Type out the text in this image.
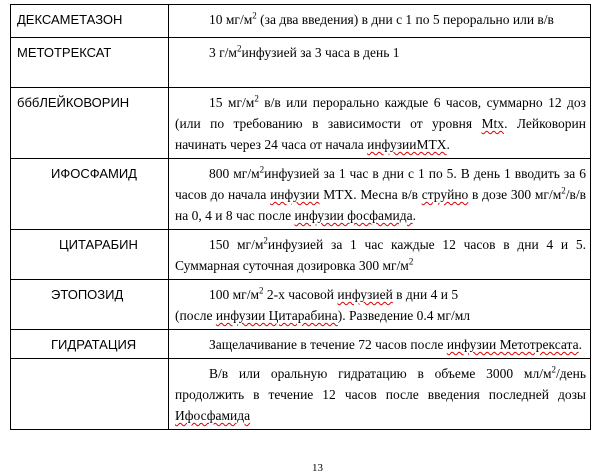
ДЕКСАМЕТАЗОН	10 $мг/м^2$ (за два введения) в дни с 1 по 5 перорально или в/в
МЕТОТРЕКСАТ	3 $г/м^2инфузией$ за 3 часа в день 1
бббЛЕЙКОВОРИН	15 $мг/м^2$ в/в или перорально каждые 6 часов, суммарно 12 доз (или по требованию в зависимости от уровня Mtx. Лейковорин начинать через 24 часа от начала инфузииМТХ.
ИФОСФАМИД	800 $мг/м^2инфузией$ за 1 час в дни с 1 по 5. В день 1 вводить за 6 часов до начала инфузии МТХ. Месна в/в струйно в дозе 300 $мг/м^2/в/в$ на 0, 4 и 8 час после инфузии фосфамида.
ЦИТАРАБИН	150 $мг/м^2инфузией$ за 1 час каждые 12 часов в дни 4 и 5. Суммарная суточная дозировка 300 $мг/м^2$
ЭТОПОЗИД	100 $мг/м^2$ 2-х часовой инфузией в дни 4 и 5
(после инфузии Цитарабина). Разведение 0.4 мг/мл

ГИДРАТАЦИЯ	Защелачивание в течение 72 часов после инфузии Метотрексата.
	В/в или оральную гидратацию в объеме 3000 $мл/м^2$/день продолжить в течение 12 часов после введения последней дозы Ифосфамида
13
